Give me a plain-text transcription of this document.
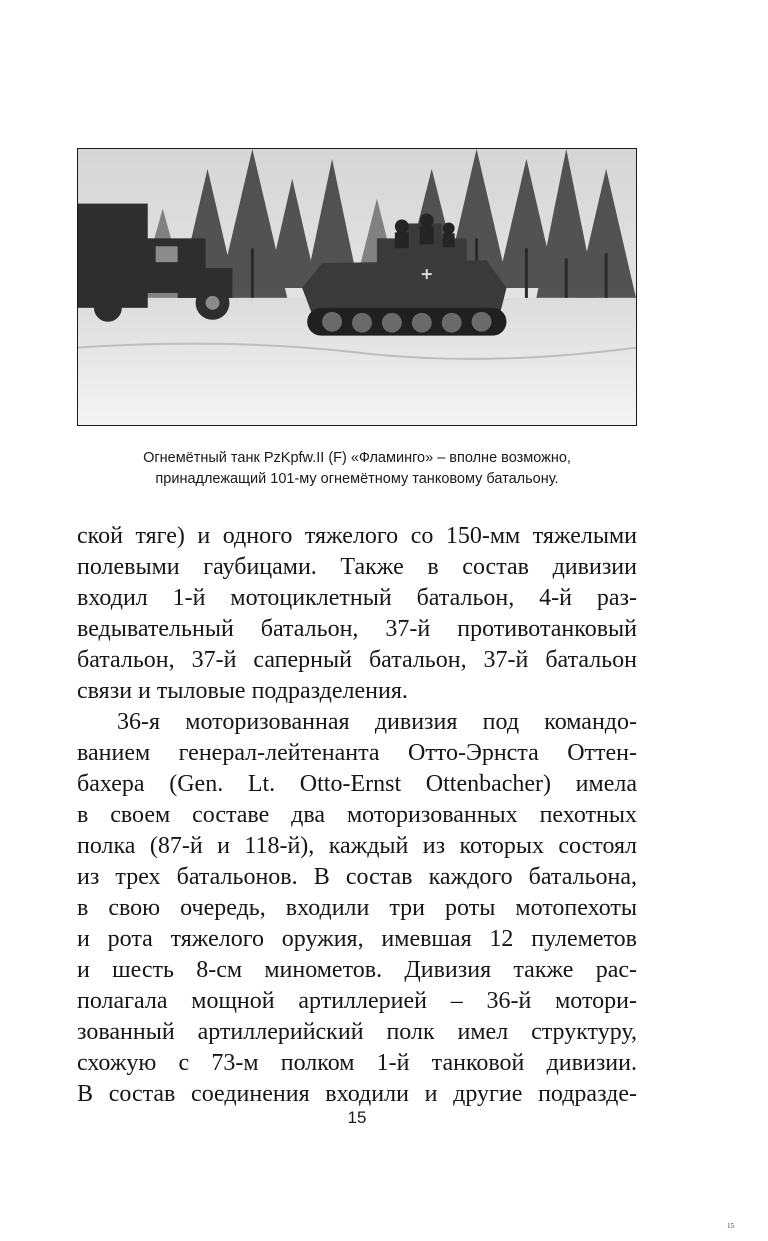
Огнемётный танк PzKpfw.II (F) «Фламинго» – вполне возможно,
принадлежащий 101-му огнемётному танковому батальону.
ской тяге) и одного тяжелого со 150-мм тяжелыми
полевыми гаубицами. Также в состав дивизии
входил 1-й мотоциклетный батальон, 4-й раз-
ведывательный батальон, 37-й противотанковый
батальон, 37-й саперный батальон, 37-й батальон
связи и тыловые подразделения.
36-я моторизованная дивизия под командо-
ванием генерал-лейтенанта Отто-Эрнста Оттен-
бахера (Gen. Lt. Otto-Ernst Ottenbacher) имела
в своем составе два моторизованных пехотных
полка (87-й и 118-й), каждый из которых состоял
из трех батальонов. В состав каждого батальона,
в свою очередь, входили три роты мотопехоты
и рота тяжелого оружия, имевшая 12 пулеметов
и шесть 8-см минометов. Дивизия также рас-
полагала мощной артиллерией – 36-й мотори-
зованный артиллерийский полк имел структуру,
схожую с 73-м полком 1-й танковой дивизии.
В состав соединения входили и другие подразде-
15
15
